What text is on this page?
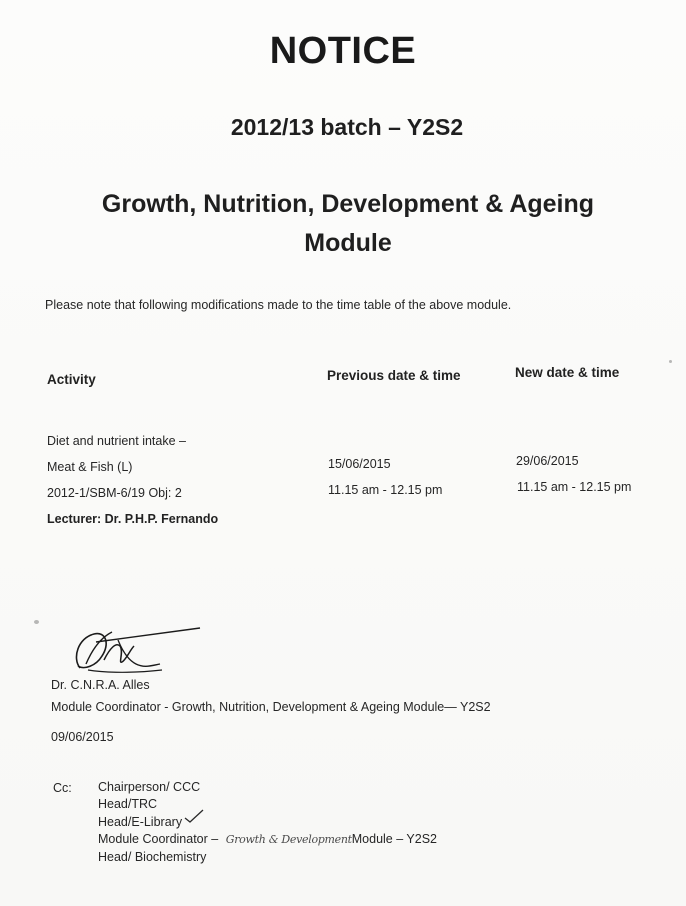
NOTICE
2012/13 batch – Y2S2
Growth, Nutrition, Development & Ageing
Module
Please note that following modifications made to the time table of the above module.
Activity	Previous date & time	New date & time
Diet and nutrient intake –
Meat & Fish (L)
2012-1/SBM-6/19 Obj: 2
Lecturer: Dr. P.H.P. Fernando
15/06/2015
11.15 am - 12.15 pm
29/06/2015
11.15 am - 12.15 pm
Dr. C.N.R.A. Alles
Module Coordinator - Growth, Nutrition, Development & Ageing Module— Y2S2
09/06/2015
Cc: Chairperson/ CCC
Head/TRC
Head/E-Library
Module Coordinator – Growth & DevelopmentModule – Y2S2
Head/ Biochemistry
